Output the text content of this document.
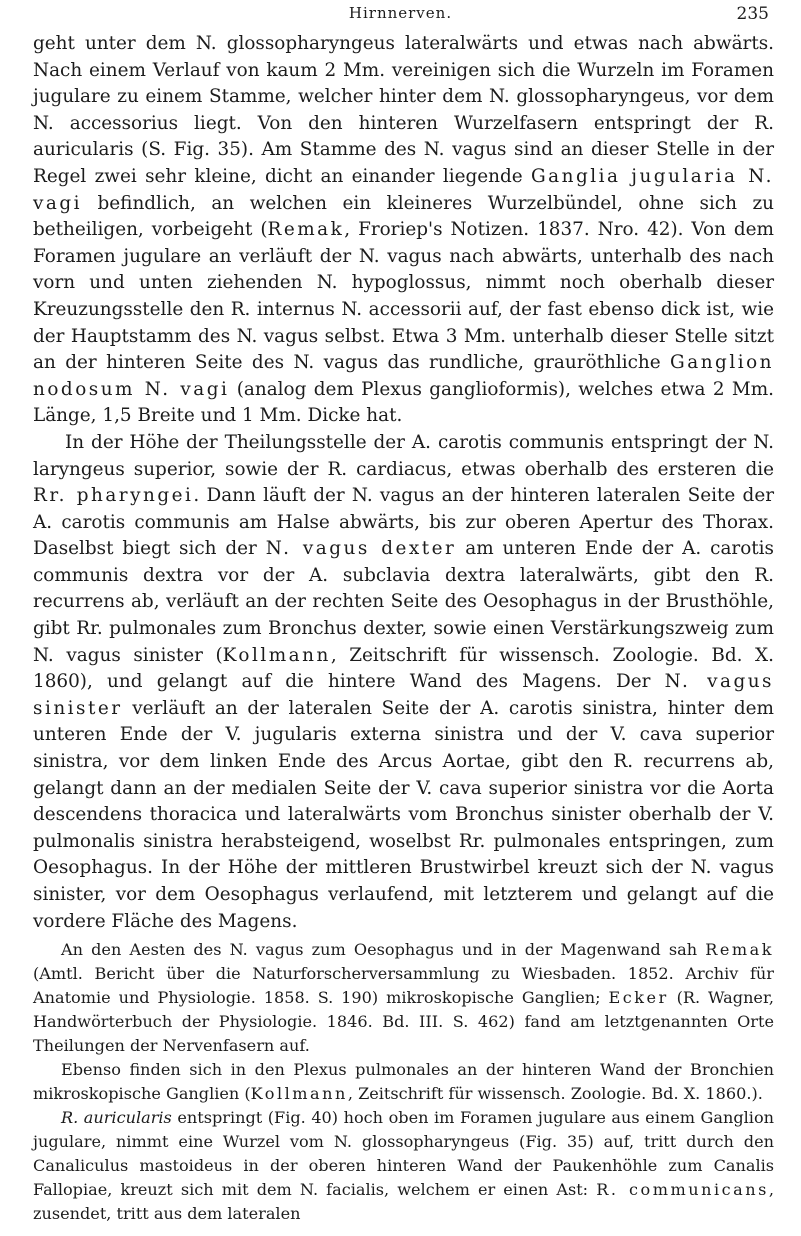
Hirnnerven.	235

geht unter dem N. glossopharyngeus lateralwärts und etwas nach abwärts. Nach einem Verlauf von kaum 2 Mm. vereinigen sich die Wurzeln im Foramen jugulare zu einem Stamme, welcher hinter dem N. glossopharyngeus, vor dem N. accessorius liegt. Von den hinteren Wurzelfasern entspringt der R. auricularis (S. Fig. 35). Am Stamme des N. vagus sind an dieser Stelle in der Regel zwei sehr kleine, dicht an einander liegende Ganglia jugularia N. vagi befindlich, an welchen ein kleineres Wurzelbündel, ohne sich zu betheiligen, vorbeigeht (Remak, Froriep's Notizen. 1837. Nro. 42). Von dem Foramen jugulare an verläuft der N. vagus nach abwärts, unterhalb des nach vorn und unten ziehenden N. hypoglossus, nimmt noch oberhalb dieser Kreuzungsstelle den R. internus N. accessorii auf, der fast ebenso dick ist, wie der Hauptstamm des N. vagus selbst. Etwa 3 Mm. unterhalb dieser Stelle sitzt an der hinteren Seite des N. vagus das rundliche, grauröthliche Ganglion nodosum N. vagi (analog dem Plexus ganglioformis), welches etwa 2 Mm. Länge, 1,5 Breite und 1 Mm. Dicke hat.

In der Höhe der Theilungsstelle der A. carotis communis entspringt der N. laryngeus superior, sowie der R. cardiacus, etwas oberhalb des ersteren die Rr. pharyngei. Dann läuft der N. vagus an der hinteren lateralen Seite der A. carotis communis am Halse abwärts, bis zur oberen Apertur des Thorax. Daselbst biegt sich der N. vagus dexter am unteren Ende der A. carotis communis dextra vor der A. subclavia dextra lateralwärts, gibt den R. recurrens ab, verläuft an der rechten Seite des Oesophagus in der Brusthöhle, gibt Rr. pulmonales zum Bronchus dexter, sowie einen Verstärkungszweig zum N. vagus sinister (Kollmann, Zeitschrift für wissensch. Zoologie. Bd. X. 1860), und gelangt auf die hintere Wand des Magens. Der N. vagus sinister verläuft an der lateralen Seite der A. carotis sinistra, hinter dem unteren Ende der V. jugularis externa sinistra und der V. cava superior sinistra, vor dem linken Ende des Arcus Aortae, gibt den R. recurrens ab, gelangt dann an der medialen Seite der V. cava superior sinistra vor die Aorta descendens thoracica und lateralwärts vom Bronchus sinister oberhalb der V. pulmonalis sinistra herabsteigend, woselbst Rr. pulmonales entspringen, zum Oesophagus. In der Höhe der mittleren Brustwirbel kreuzt sich der N. vagus sinister, vor dem Oesophagus verlaufend, mit letzterem und gelangt auf die vordere Fläche des Magens.

An den Aesten des N. vagus zum Oesophagus und in der Magenwand sah Remak (Amtl. Bericht über die Naturforscherversammlung zu Wiesbaden. 1852. Archiv für Anatomie und Physiologie. 1858. S. 190) mikroskopische Ganglien; Ecker (R. Wagner, Handwörterbuch der Physiologie. 1846. Bd. III. S. 462) fand am letztgenannten Orte Theilungen der Nervenfasern auf.

Ebenso finden sich in den Plexus pulmonales an der hinteren Wand der Bronchien mikroskopische Ganglien (Kollmann, Zeitschrift für wissensch. Zoologie. Bd. X. 1860.).

R. auricularis entspringt (Fig. 40) hoch oben im Foramen jugulare aus einem Ganglion jugulare, nimmt eine Wurzel vom N. glossopharyngeus (Fig. 35) auf, tritt durch den Canaliculus mastoideus in der oberen hinteren Wand der Paukenhöhle zum Canalis Fallopiae, kreuzt sich mit dem N. facialis, welchem er einen Ast: R. communicans, zusendet, tritt aus dem lateralen
